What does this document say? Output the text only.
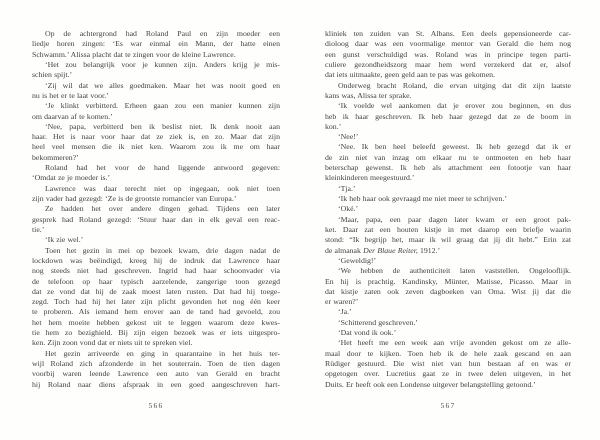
Op de achtergrond had Roland Paul en zijn moeder een
liedje horen zingen: ‘Es war einmal ein Mann, der hatte einen
Schwamm.’ Alissa placht dat te zingen voor de kleine Lawrence.
‘Het zou belangrijk voor je kunnen zijn. Anders krijg je mis-
schien spijt.’
‘Zij wil dat we alles goedmaken. Maar het was nooit goed en
nu is het er te laat voor.’
‘Je klinkt verbitterd. Erheen gaan zou een manier kunnen zijn
om daarvan af te komen.’
‘Nee, papa, verbitterd ben ik beslist niet. Ik denk nooit aan
haar. Het is naar voor haar dat ze ziek is, en zo. Maar dat zijn
heel veel mensen die ik niet ken. Waarom zou ik me om haar
bekommeren?’
Roland had het voor de hand liggende antwoord gegeven:
‘Omdat ze je moeder is.’
Lawrence was daar terecht niet op ingegaan, ook niet toen
zijn vader had gezegd: ‘Ze is de grootste romancier van Europa.’
Ze hadden het over andere dingen gehad. Tijdens een later
gesprek had Roland gezegd: ‘Stuur haar dan in elk geval een reac-
tie.’
‘Ik zie wel.’
Toen het gezin in mei op bezoek kwam, drie dagen nadat de
lockdown was beëindigd, kreeg hij de indruk dat Lawrence haar
nog steeds niet had geschreven. Ingrid had haar schoonvader via
de telefoon op haar typisch aarzelende, zangerige toon gezegd
dat ze vond dat hij de zaak moest laten rusten. Dat had hij toege-
zegd. Toch had hij het later zijn plicht gevonden het nog één keer
te proberen. Als iemand hem erover aan de tand had gevoeld, zou
het hem moeite hebben gekost uit te leggen waarom deze kwes-
tie hem zo bezighield. Bij zijn eigen bezoek was er iets uitgespro-
ken. Zijn zoon vond dat er niets uit te spreken viel.
Het gezin arriveerde en ging in quarantaine in het huis ter-
wijl Roland zich afzonderde in het souterrain. Toen de tien dagen
voorbij waren leende Lawrence een auto van Gerald en bracht
hij Roland naar diens afspraak in een goed aangeschreven hart-
566
kliniek ten zuiden van St. Albans. Een deels gepensioneerde car-
dioloog daar was een voormalige mentor van Gerald die hem nog
een gunst verschuldigd was. Roland was in principe tegen parti-
culiere gezondheidszorg maar hem werd verzekerd dat er, alsof
dat iets uitmaakte, geen geld aan te pas was gekomen.
Onderweg bracht Roland, die ervan uitging dat dit zijn laatste
kans was, Alissa ter sprake.
‘Ik voelde wel aankomen dat je erover zou beginnen, en dus
heb ik haar geschreven. Ik heb haar gezegd dat ze de boom in
kon.’
‘Nee!’
‘Nee. Ik ben heel beleefd geweest. Ik heb gezegd dat ik er
de zin niet van inzag om elkaar nu te ontmoeten en heb haar
beterschap gewenst. Ik heb als attachment een fotootje van haar
kleinkinderen meegestuurd.’
‘Tja.’
‘Ik heb haar ook gevraagd me niet meer te schrijven.’
‘Oké.’
‘Maar, papa, een paar dagen later kwam er een groot pak-
ket. Daar zat een houten kistje in met daarop een briefje waarin
stond: “Ik begrijp het, maar ik wil graag dat jij dit hebt.” Erin zat
de almanak Der Blaue Reiter, 1912.’
‘Geweldig!’
‘We hebben de authenticiteit laten vaststellen. Ongelooflijk.
En hij is prachtig. Kandinsky, Münter, Matisse, Picasso. Maar in
dat kistje zaten ook zeven dagboeken van Oma. Wist jij dat die
er waren?’
‘Ja.’
‘Schitterend geschreven.’
‘Dat vond ik ook.’
‘Het heeft me een week aan vrije avonden gekost om ze alle-
maal door te kijken. Toen heb ik de hele zaak gescand en aan
Rüdiger gestuurd. Die wist niet van hun bestaan af en was er
opgetogen over. Lucretius gaat ze in twee delen uitgeven, in het
Duits. Er heeft ook een Londense uitgever belangstelling getoond.’
567
